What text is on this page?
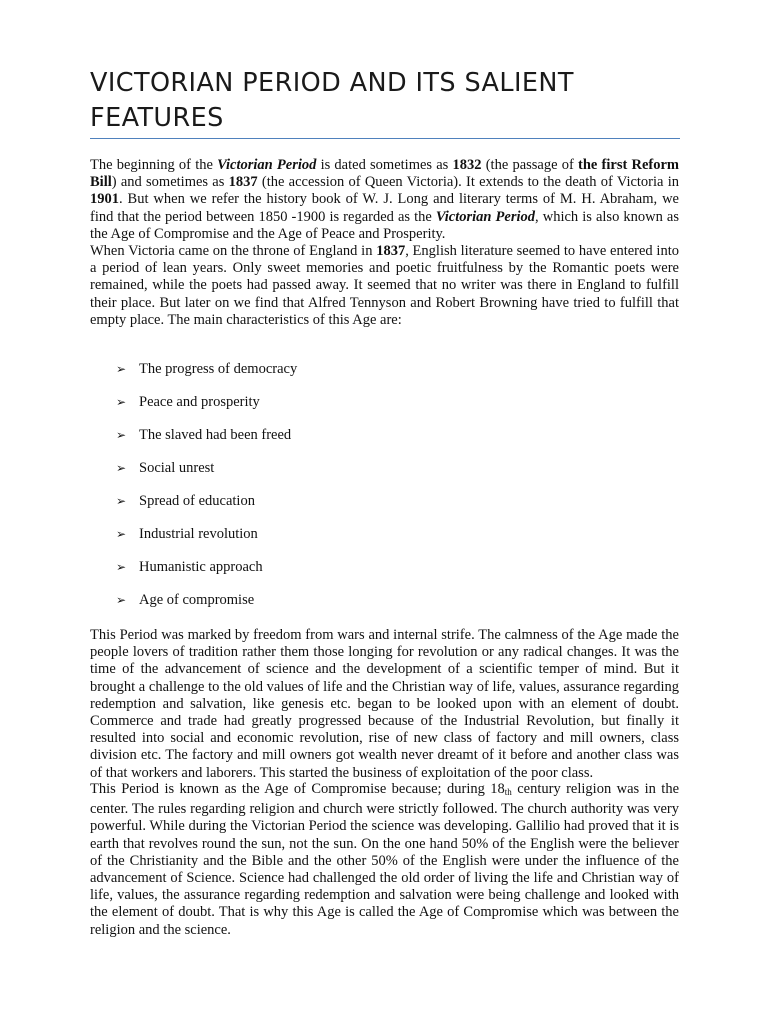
VICTORIAN PERIOD AND ITS SALIENT FEATURES

The beginning of the Victorian Period is dated sometimes as 1832 (the passage of the first Reform Bill) and sometimes as 1837 (the accession of Queen Victoria). It extends to the death of Victoria in 1901. But when we refer the history book of W. J. Long and literary terms of M. H. Abraham, we find that the period between 1850 -1900 is regarded as the Victorian Period, which is also known as the Age of Compromise and the Age of Peace and Prosperity.

When Victoria came on the throne of England in 1837, English literature seemed to have entered into a period of lean years. Only sweet memories and poetic fruitfulness by the Romantic poets were remained, while the poets had passed away. It seemed that no writer was there in England to fulfill their place. But later on we find that Alfred Tennyson and Robert Browning have tried to fulfill that empty place. The main characteristics of this Age are:

➢ The progress of democracy
➢ Peace and prosperity
➢ The slaved had been freed
➢ Social unrest
➢ Spread of education
➢ Industrial revolution
➢ Humanistic approach
➢ Age of compromise

This Period was marked by freedom from wars and internal strife. The calmness of the Age made the people lovers of tradition rather them those longing for revolution or any radical changes. It was the time of the advancement of science and the development of a scientific temper of mind. But it brought a challenge to the old values of life and the Christian way of life, values, assurance regarding redemption and salvation, like genesis etc. began to be looked upon with an element of doubt. Commerce and trade had greatly progressed because of the Industrial Revolution, but finally it resulted into social and economic revolution, rise of new class of factory and mill owners, class division etc. The factory and mill owners got wealth never dreamt of it before and another class was of that workers and laborers. This started the business of exploitation of the poor class.

This Period is known as the Age of Compromise because; during $18_{th}$ century religion was in the center. The rules regarding religion and church were strictly followed. The church authority was very powerful. While during the Victorian Period the science was developing. Gallilio had proved that it is earth that revolves round the sun, not the sun. On the one hand 50% of the English were the believer of the Christianity and the Bible and the other 50% of the English were under the influence of the advancement of Science. Science had challenged the old order of living the life and Christian way of life, values, the assurance regarding redemption and salvation were being challenge and looked with the element of doubt. That is why this Age is called the Age of Compromise which was between the religion and the science.
